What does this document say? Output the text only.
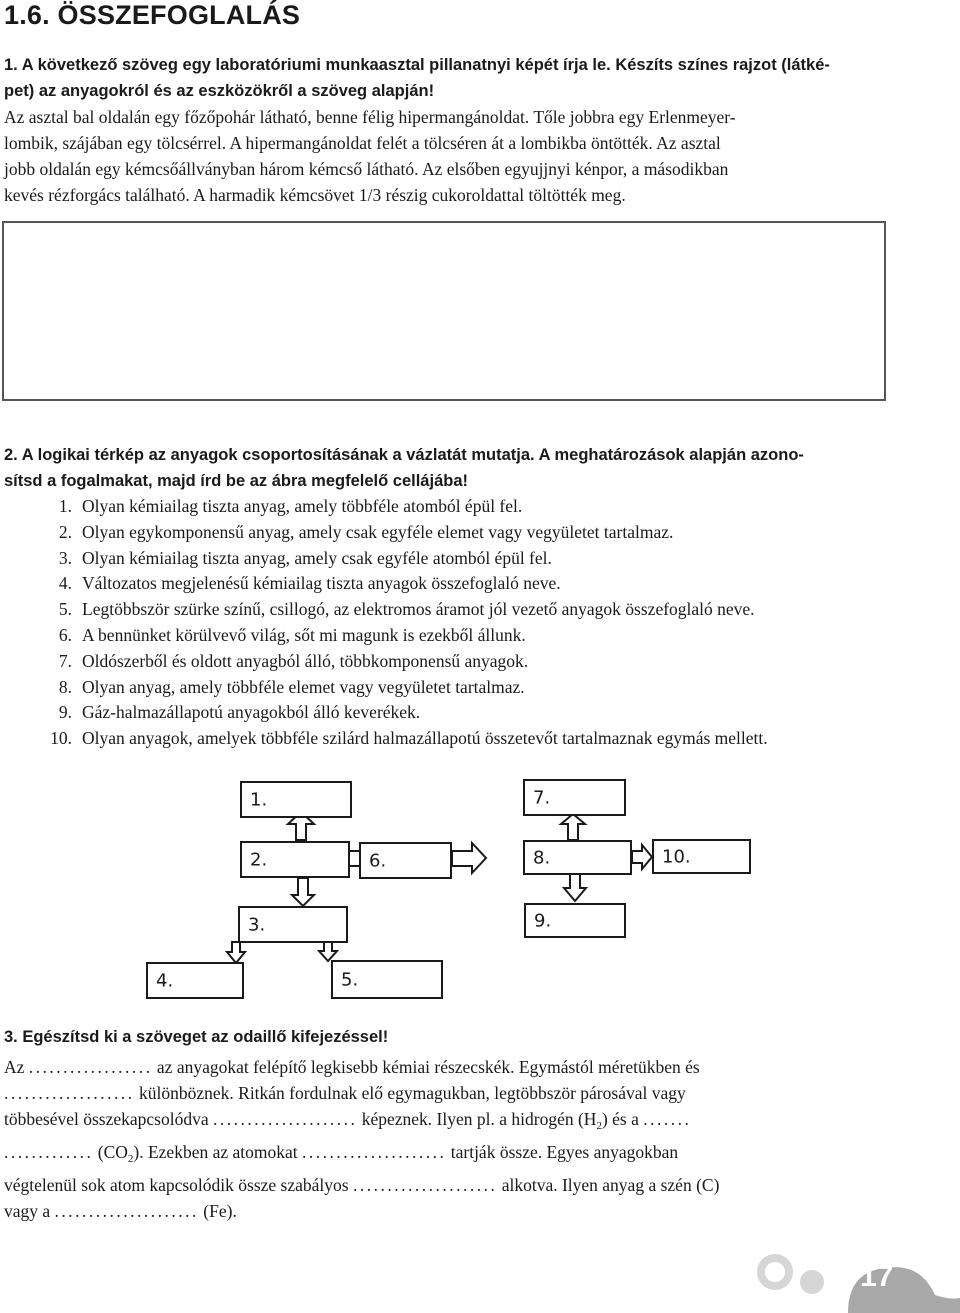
1.6. ÖSSZEFOGLALÁS
1. A következő szöveg egy laboratóriumi munkaasztal pillanatnyi képét írja le. Készíts színes rajzot (látké-
pet) az anyagokról és az eszközökről a szöveg alapján!
Az asztal bal oldalán egy főzőpohár látható, benne félig hipermangánoldat. Tőle jobbra egy Erlenmeyer-
lombik, szájában egy tölcsérrel. A hipermangánoldat felét a tölcséren át a lombikba öntötték. Az asztal
jobb oldalán egy kémcsőállványban három kémcső látható. Az elsőben egyujjnyi kénpor, a másodikban
kevés rézforgács található. A harmadik kémcsövet 1/3 részig cukoroldattal töltötték meg.
2. A logikai térkép az anyagok csoportosításának a vázlatát mutatja. A meghatározások alapján azono-
sítsd a fogalmakat, majd írd be az ábra megfelelő cellájába!
1. Olyan kémiailag tiszta anyag, amely többféle atomból épül fel.
2. Olyan egykomponensű anyag, amely csak egyféle elemet vagy vegyületet tartalmaz.
3. Olyan kémiailag tiszta anyag, amely csak egyféle atomból épül fel.
4. Változatos megjelenésű kémiailag tiszta anyagok összefoglaló neve.
5. Legtöbbször szürke színű, csillogó, az elektromos áramot jól vezető anyagok összefoglaló neve.
6. A bennünket körülvevő világ, sőt mi magunk is ezekből állunk.
7. Oldószerből és oldott anyagból álló, többkomponensű anyagok.
8. Olyan anyag, amely többféle elemet vagy vegyületet tartalmaz.
9. Gáz-halmazállapotú anyagokból álló keverékek.
10. Olyan anyagok, amelyek többféle szilárd halmazállapotú összetevőt tartalmaznak egymás mellett.
1.
2.
3.
4.	5.
6.
7.
8.
9.
10.
3. Egészítsd ki a szöveget az odaillő kifejezéssel!

Az .................. az anyagokat felépítő legkisebb kémiai részecskék. Egymástól méretükben és

................... különböznek. Ritkán fordulnak elő egymagukban, legtöbbször párosával vagy

többesével összekapcsolódva ..................... képeznek. Ilyen pl. a hidrogén $(H_2)$ és a .......

............. $(CO_2)$. Ezekben az atomokat ..................... tartják össze. Egyes anyagokban

végtelenül sok atom kapcsolódik össze szabályos ..................... alkotva. Ilyen anyag a szén (C)

vagy a ..................... (Fe).

17
